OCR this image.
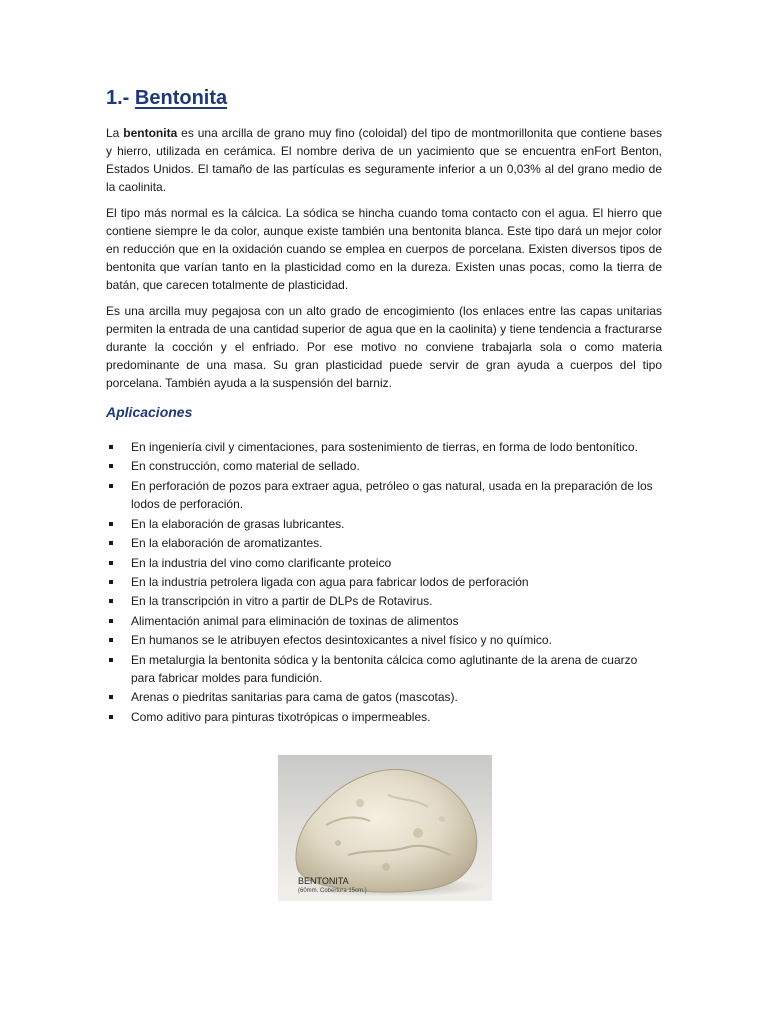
1.- Bentonita

La bentonita es una arcilla de grano muy fino (coloidal) del tipo de montmorillonita que contiene bases y hierro, utilizada en cerámica. El nombre deriva de un yacimiento que se encuentra enFort Benton, Estados Unidos. El tamaño de las partículas es seguramente inferior a un 0,03% al del grano medio de la caolinita.

El tipo más normal es la cálcica. La sódica se hincha cuando toma contacto con el agua. El hierro que contiene siempre le da color, aunque existe también una bentonita blanca. Este tipo dará un mejor color en reducción que en la oxidación cuando se emplea en cuerpos de porcelana. Existen diversos tipos de bentonita que varían tanto en la plasticidad como en la dureza. Existen unas pocas, como la tierra de batán, que carecen totalmente de plasticidad.

Es una arcilla muy pegajosa con un alto grado de encogimiento (los enlaces entre las capas unitarias permiten la entrada de una cantidad superior de agua que en la caolinita) y tiene tendencia a fracturarse durante la cocción y el enfriado. Por ese motivo no conviene trabajarla sola o como materia predominante de una masa. Su gran plasticidad puede servir de gran ayuda a cuerpos del tipo porcelana. También ayuda a la suspensión del barniz.

Aplicaciones
En ingeniería civil y cimentaciones, para sostenimiento de tierras, en forma de lodo bentonítico.
En construcción, como material de sellado.
En perforación de pozos para extraer agua, petróleo o gas natural, usada en la preparación de los lodos de perforación.
En la elaboración de grasas lubricantes.
En la elaboración de aromatizantes.
En la industria del vino como clarificante proteico
En la industria petrolera ligada con agua para fabricar lodos de perforación
En la transcripción in vitro a partir de DLPs de Rotavirus.
Alimentación animal para eliminación de toxinas de alimentos
En humanos se le atribuyen efectos desintoxicantes a nivel físico y no químico.
En metalurgia la bentonita sódica y la bentonita cálcica como aglutinante de la arena de cuarzo para fabricar moldes para fundición.
Arenas o piedritas sanitarias para cama de gatos (mascotas).
Como aditivo para pinturas tixotrópicas o impermeables.
BENTONITA
(60mm. Cobertura 15cm.)
